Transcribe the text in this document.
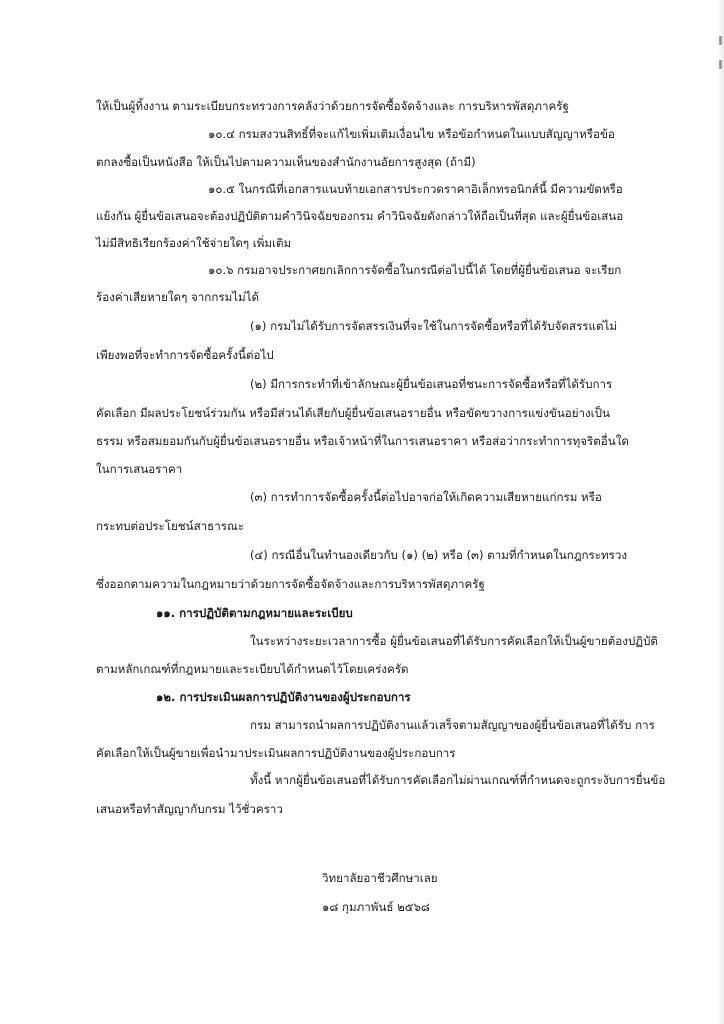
ให้เป็นผู้ทิ้งงาน ตามระเบียบกระทรวงการคลังว่าด้วยการจัดซื้อจัดจ้างและ การบริหารพัสดุภาครัฐ
๑๐.๔ กรมสงวนสิทธิ์ที่จะแก้ไขเพิ่มเติมเงื่อนไข หรือข้อกำหนดในแบบสัญญาหรือข้อ
ตกลงซื้อเป็นหนังสือ ให้เป็นไปตามความเห็นของสำนักงานอัยการสูงสุด (ถ้ามี)
๑๐.๕ ในกรณีที่เอกสารแนบท้ายเอกสารประกวดราคาอิเล็กทรอนิกส์นี้ มีความขัดหรือ
แย้งกัน ผู้ยื่นข้อเสนอจะต้องปฏิบัติตามคำวินิจฉัยของกรม คำวินิจฉัยดังกล่าวให้ถือเป็นที่สุด และผู้ยื่นข้อเสนอ
ไม่มีสิทธิเรียกร้องค่าใช้จ่ายใดๆ เพิ่มเติม
๑๐.๖ กรมอาจประกาศยกเลิกการจัดซื้อในกรณีต่อไปนี้ได้ โดยที่ผู้ยื่นข้อเสนอ จะเรียก
ร้องค่าเสียหายใดๆ จากกรมไม่ได้
(๑) กรมไม่ได้รับการจัดสรรเงินที่จะใช้ในการจัดซื้อหรือที่ได้รับจัดสรรแต่ไม่
เพียงพอที่จะทำการจัดซื้อครั้งนี้ต่อไป
(๒) มีการกระทำที่เข้าลักษณะผู้ยื่นข้อเสนอที่ชนะการจัดซื้อหรือที่ได้รับการ
คัดเลือก มีผลประโยชน์ร่วมกัน หรือมีส่วนได้เสียกับผู้ยื่นข้อเสนอรายอื่น หรือขัดขวางการแข่งขันอย่างเป็น
ธรรม หรือสมยอมกันกับผู้ยื่นข้อเสนอรายอื่น หรือเจ้าหน้าที่ในการเสนอราคา หรือส่อว่ากระทำการทุจริตอื่นใด
ในการเสนอราคา
(๓) การทำการจัดซื้อครั้งนี้ต่อไปอาจก่อให้เกิดความเสียหายแก่กรม หรือ
กระทบต่อประโยชน์สาธารณะ
(๔) กรณีอื่นในทำนองเดียวกับ (๑) (๒) หรือ (๓) ตามที่กำหนดในกฎกระทรวง
ซึ่งออกตามความในกฎหมายว่าด้วยการจัดซื้อจัดจ้างและการบริหารพัสดุภาครัฐ
๑๑. การปฏิบัติตามกฎหมายและระเบียบ
ในระหว่างระยะเวลาการซื้อ ผู้ยื่นข้อเสนอที่ได้รับการคัดเลือกให้เป็นผู้ขายต้องปฏิบัติ
ตามหลักเกณฑ์ที่กฎหมายและระเบียบได้กำหนดไว้โดยเคร่งครัด
๑๒. การประเมินผลการปฏิบัติงานของผู้ประกอบการ
กรม สามารถนำผลการปฏิบัติงานแล้วเสร็จตามสัญญาของผู้ยื่นข้อเสนอที่ได้รับ การ
คัดเลือกให้เป็นผู้ขายเพื่อนำมาประเมินผลการปฏิบัติงานของผู้ประกอบการ
ทั้งนี้ หากผู้ยื่นข้อเสนอที่ได้รับการคัดเลือกไม่ผ่านเกณฑ์ที่กำหนดจะถูกระงับการยื่นข้อ
เสนอหรือทำสัญญากับกรม ไว้ชั่วคราว
วิทยาลัยอาชีวศึกษาเลย
๑๘ กุมภาพันธ์ ๒๕๖๘
